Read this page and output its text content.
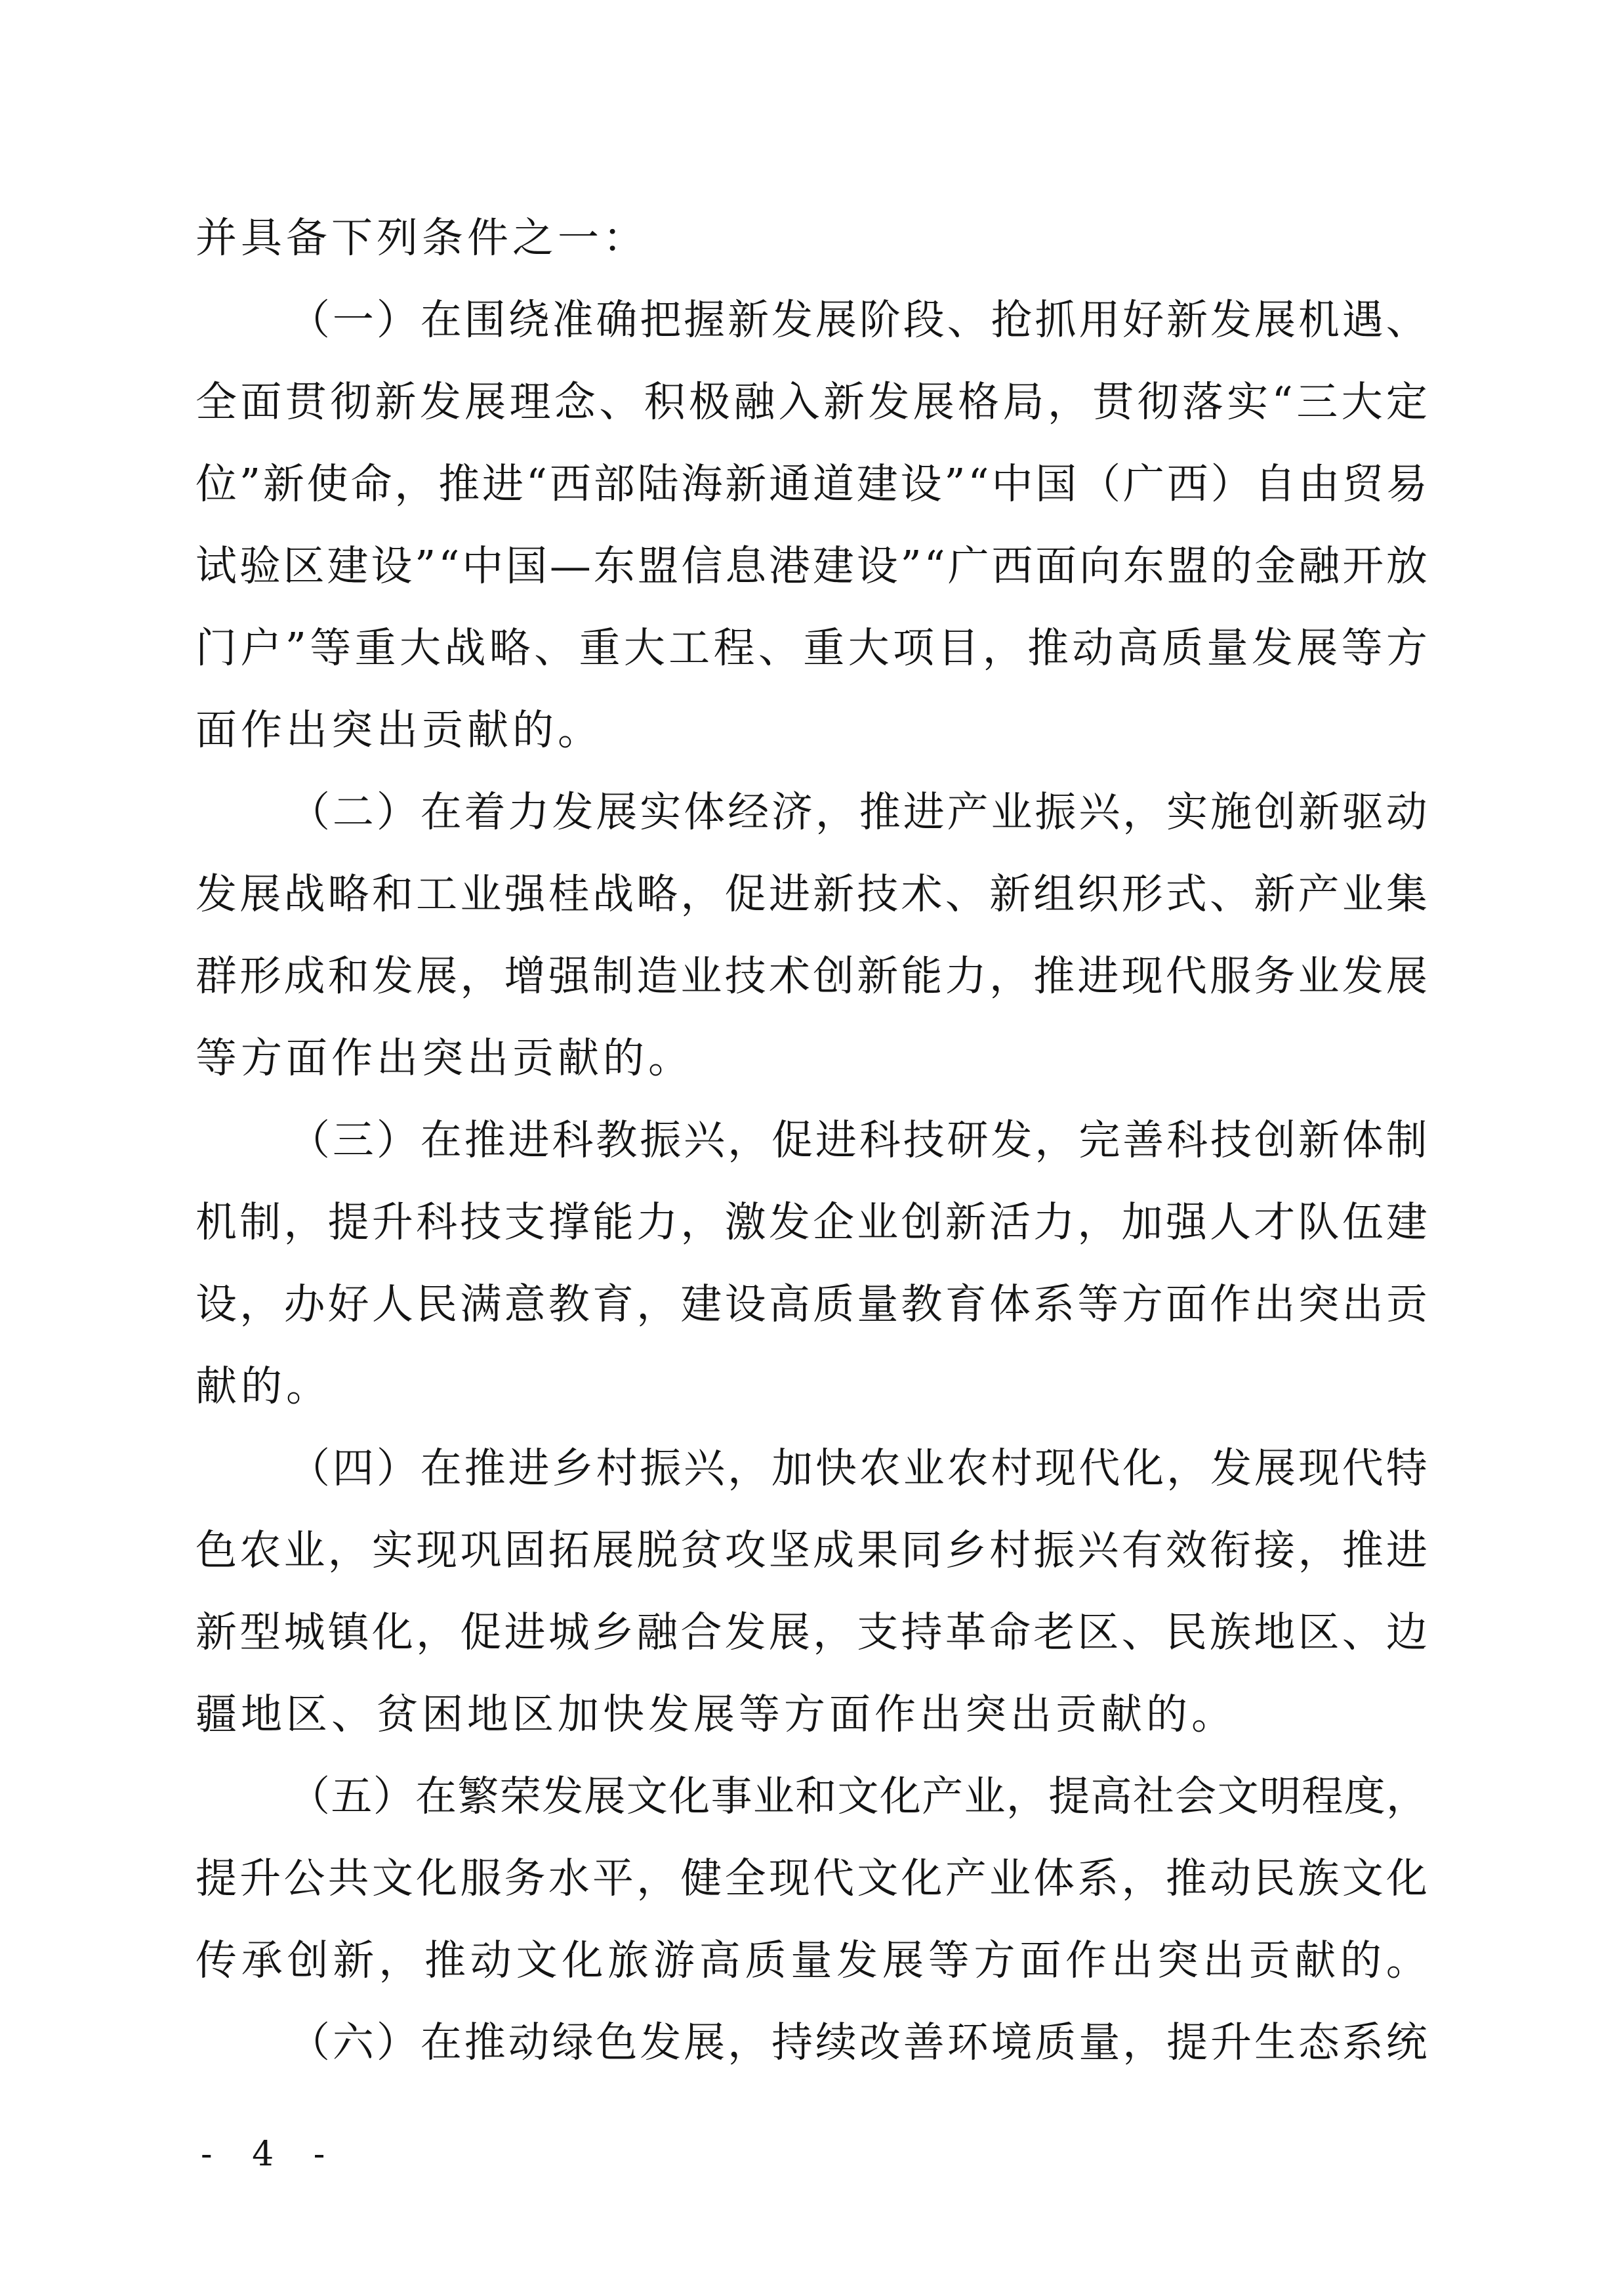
并具备下列条件之一：
（ 一 ） 在 围 绕 准 确 把 握 新 发 展 阶 段 、 抢 抓 用 好 新 发 展 机 遇 、
全 面 贯 彻 新 发 展 理 念 、 积 极 融 入 新 发 展 格 局 ， 贯 彻 落 实 “ 三 大 定
位 ” 新 使 命 ， 推 进 “ 西 部 陆 海 新 通 道 建 设 ” “ 中 国 （ 广 西 ） 自 由 贸 易
试 验 区 建 设 ” “ 中 国 — 东 盟 信 息 港 建 设 ” “ 广 西 面 向 东 盟 的 金 融 开 放
门 户 ” 等 重 大 战 略 、 重 大 工 程 、 重 大 项 目 ， 推 动 高 质 量 发 展 等 方
面作出突出贡献的。
（ 二 ） 在 着 力 发 展 实 体 经 济 ， 推 进 产 业 振 兴 ， 实 施 创 新 驱 动
发 展 战 略 和 工 业 强 桂 战 略 ， 促 进 新 技 术 、 新 组 织 形 式 、 新 产 业 集
群 形 成 和 发 展 ， 增 强 制 造 业 技 术 创 新 能 力 ， 推 进 现 代 服 务 业 发 展
等方面作出突出贡献的。
（ 三 ） 在 推 进 科 教 振 兴 ， 促 进 科 技 研 发 ， 完 善 科 技 创 新 体 制
机 制 ， 提 升 科 技 支 撑 能 力 ， 激 发 企 业 创 新 活 力 ， 加 强 人 才 队 伍 建
设 ， 办 好 人 民 满 意 教 育 ， 建 设 高 质 量 教 育 体 系 等 方 面 作 出 突 出 贡
献的。
（ 四 ） 在 推 进 乡 村 振 兴 ， 加 快 农 业 农 村 现 代 化 ， 发 展 现 代 特
色 农 业 ， 实 现 巩 固 拓 展 脱 贫 攻 坚 成 果 同 乡 村 振 兴 有 效 衔 接 ， 推 进
新 型 城 镇 化 ， 促 进 城 乡 融 合 发 展 ， 支 持 革 命 老 区 、 民 族 地 区 、 边
疆地区、贫困地区加快发展等方面作出突出贡献的。
（ 五 ） 在 繁 荣 发 展 文 化 事 业 和 文 化 产 业 ， 提 高 社 会 文 明 程 度 ，
提 升 公 共 文 化 服 务 水 平 ， 健 全 现 代 文 化 产 业 体 系 ， 推 动 民 族 文 化
传 承 创 新 ， 推 动 文 化 旅 游 高 质 量 发 展 等 方 面 作 出 突 出 贡 献 的 。
（ 六 ） 在 推 动 绿 色 发 展 ， 持 续 改 善 环 境 质 量 ， 提 升 生 态 系 统
- 4 -
